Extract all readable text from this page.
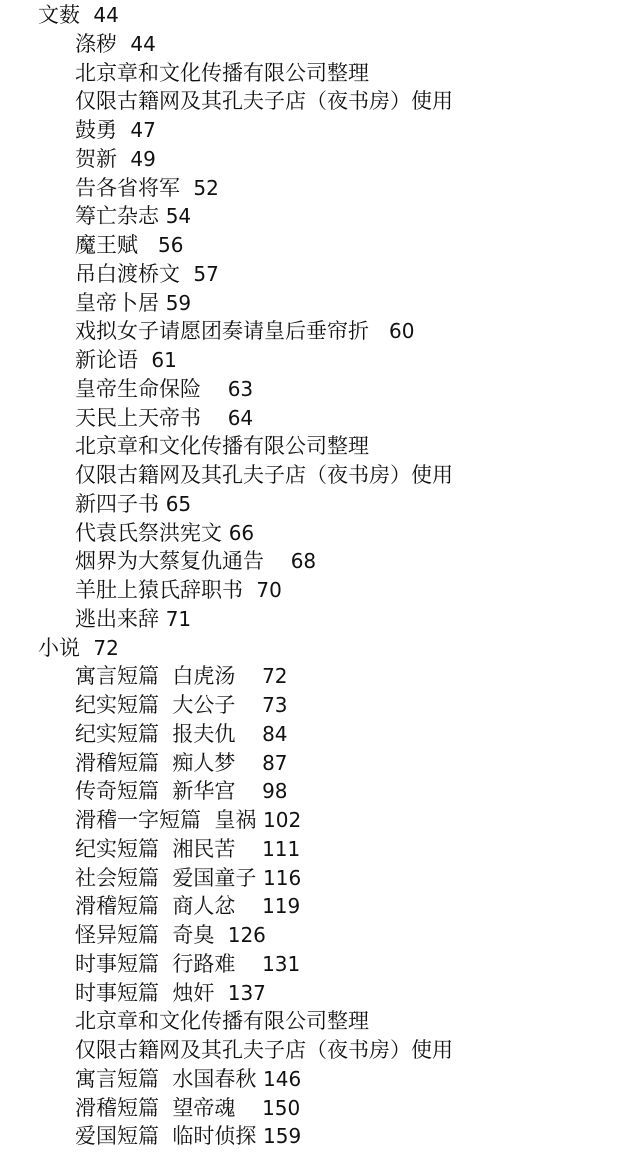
文薮 44
涤秽 44
北京章和文化传播有限公司整理
仅限古籍网及其孔夫子店（夜书房）使用
鼓勇 47
贺新 49
告各省将军 52
筹亡杂志 54
魔王赋 56
吊白渡桥文 57
皇帝卜居 59
戏拟女子请愿团奏请皇后垂帘折 60
新论语 61
皇帝生命保险 63
天民上天帝书 64
北京章和文化传播有限公司整理
仅限古籍网及其孔夫子店（夜书房）使用
新四子书 65
代袁氏祭洪宪文 66
烟界为大蔡复仇通告 68
羊肚上猿氏辞职书 70
逃出来辞 71
小说 72
寓言短篇  白虎汤 72
纪实短篇  大公子 73
纪实短篇  报夫仇 84
滑稽短篇  痴人梦 87
传奇短篇  新华宫 98
滑稽一字短篇  皇祸 102
纪实短篇  湘民苦 111
社会短篇  爱国童子 116
滑稽短篇  商人忿 119
怪异短篇  奇臭 126
时事短篇  行路难 131
时事短篇  烛奸 137
北京章和文化传播有限公司整理
仅限古籍网及其孔夫子店（夜书房）使用
寓言短篇  水国春秋 146
滑稽短篇  望帝魂 150
爱国短篇  临时侦探 159
